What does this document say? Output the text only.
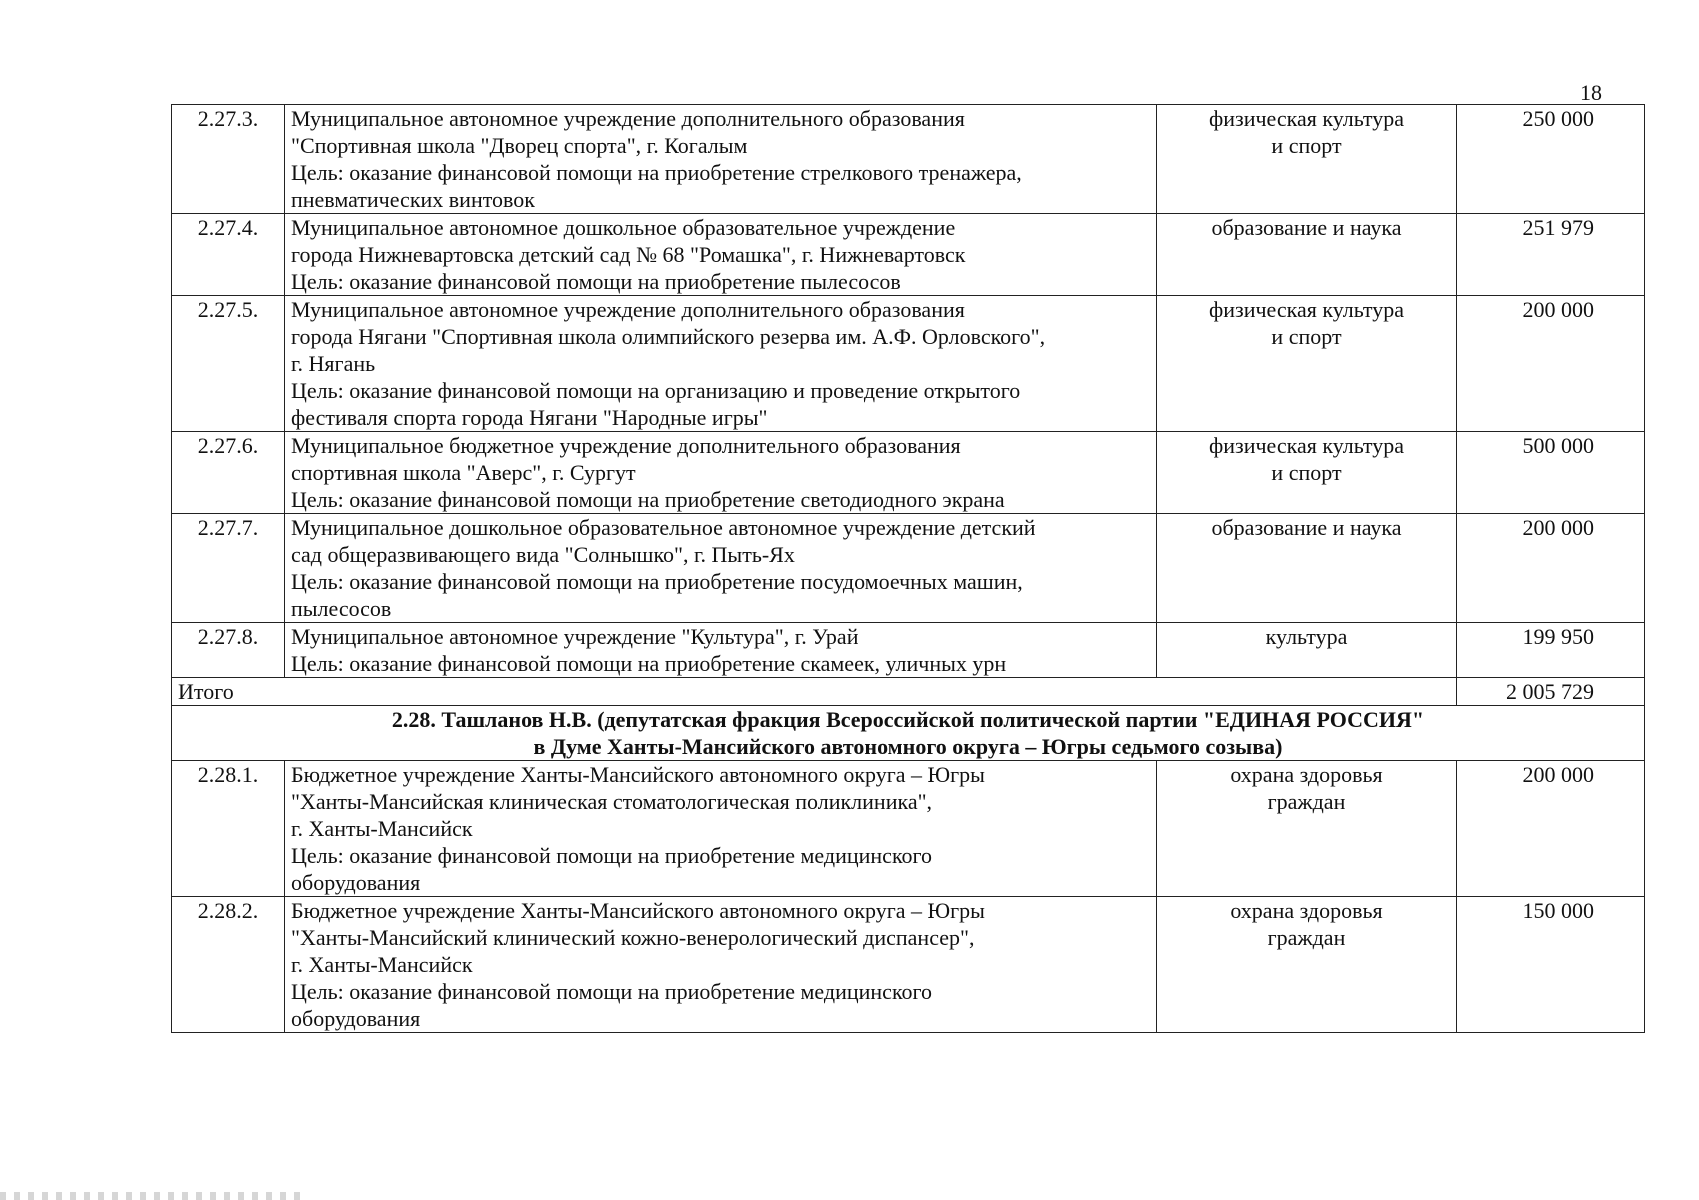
18
2.27.3.	Муниципальное автономное учреждение дополнительного образования
"Спортивная школа "Дворец спорта", г. Когалым
Цель: оказание финансовой помощи на приобретение стрелкового тренажера,
пневматических винтовок	физическая культура
и спорт	250 000
2.27.4.	Муниципальное автономное дошкольное образовательное учреждение
города Нижневартовска детский сад № 68 "Ромашка", г. Нижневартовск
Цель: оказание финансовой помощи на приобретение пылесосов	образование и наука	251 979
2.27.5.	Муниципальное автономное учреждение дополнительного образования
города Нягани "Спортивная школа олимпийского резерва им. А.Ф. Орловского",
г. Нягань
Цель: оказание финансовой помощи на организацию и проведение открытого
фестиваля спорта города Нягани "Народные игры"	физическая культура
и спорт	200 000
2.27.6.	Муниципальное бюджетное учреждение дополнительного образования
спортивная школа "Аверс", г. Сургут
Цель: оказание финансовой помощи на приобретение светодиодного экрана	физическая культура
и спорт	500 000
2.27.7.	Муниципальное дошкольное образовательное автономное учреждение детский
сад общеразвивающего вида "Солнышко", г. Пыть-Ях
Цель: оказание финансовой помощи на приобретение посудомоечных машин,
пылесосов	образование и наука	200 000
2.27.8.	Муниципальное автономное учреждение "Культура", г. Урай
Цель: оказание финансовой помощи на приобретение скамеек, уличных урн	культура	199 950
Итого			2 005 729

2.28. Ташланов Н.В. (депутатская фракция Всероссийской политической партии "ЕДИНАЯ РОССИЯ"
в Думе Ханты-Мансийского автономного округа – Югры седьмого созыва)			

2.28.1.	Бюджетное учреждение Ханты-Мансийского автономного округа – Югры
"Ханты-Мансийская клиническая стоматологическая поликлиника",
г. Ханты-Мансийск
Цель: оказание финансовой помощи на приобретение медицинского
оборудования	охрана здоровья
граждан	200 000
2.28.2.	Бюджетное учреждение Ханты-Мансийского автономного округа – Югры
"Ханты-Мансийский клинический кожно-венерологический диспансер",
г. Ханты-Мансийск
Цель: оказание финансовой помощи на приобретение медицинского
оборудования	охрана здоровья
граждан	150 000
